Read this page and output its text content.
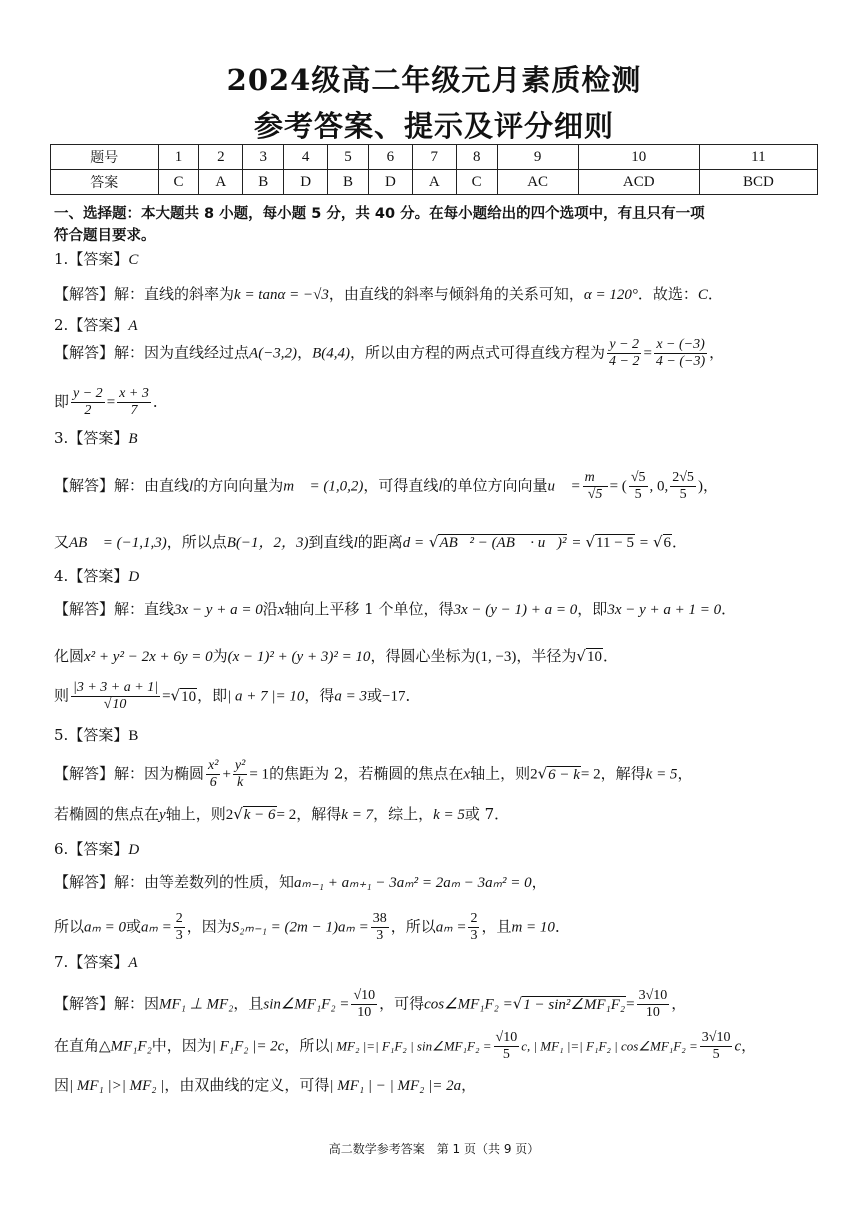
2024级高二年级元月素质检测
参考答案、提示及评分细则
题号	1	2	3	4	5	6	7	8	9	10	11
答案	C	A	B	D	B	D	A	C	AC	ACD	BCD
一、选择题：本大题共 8 小题，每小题 5 分，共 40 分。在每小题给出的四个选项中，有且只有一项
符合题目要求。
1.【答案】C
【解答】解：直线的斜率为k = tanα = −√3，由直线的斜率与倾斜角的关系可知，α = 120°．故选：C．
2.【答案】A
【解答】解：因为直线经过点A(−3,2)，B(4,4)，所以由方程的两点式可得直线方程为 $\frac{y - 2}{4 - 2} = \frac{x - (-3)}{4 - (-3)}$ ，
即 $\frac{y - 2}{2} = \frac{x + 3}{7}$ ．
3.【答案】B
【解答】解：由直线l的方向向量为m⃗ = (1,0,2)，可得直线l的单位方向向量u⃗ = $\frac{m⃗}{√5}$ = ( $\frac{√5}{5}$ , 0, $\frac{2√5}{5}$ )，
又AB⃗ = (−1,1,3)，所以点B(−1，2，3)到直线l的距离d = √AB⃗² − (AB⃗ · u⃗)² = √11 − 5 = √6．
4.【答案】D
【解答】解：直线3x − y + a = 0沿x轴向上平移 1 个单位，得3x − (y − 1) + a = 0，即3x − y + a + 1 = 0．
化圆x² + y² − 2x + 6y = 0为(x − 1)² + (y + 3)² = 10，得圆心坐标为(1, −3)，半径为√10．
则 $\frac{|3 + 3 + a + 1|}{√10} =√10$，即| a + 7 |= 10，得a = 3或−17．
5.【答案】B
【解答】解：因为椭圆 $\frac{\text{x²}}{6} + \frac{\text{y²}}{k} = 1$的焦距为 2，若椭圆的焦点在x轴上，则2√6 − k= 2，解得k = 5，
若椭圆的焦点在y轴上，则2√k − 6= 2，解得k = 7，综上，k = 5或 7．
6.【答案】D
【解答】解：由等差数列的性质，知aₘ₋₁ + aₘ₊₁ − 3aₘ² = 2aₘ − 3aₘ² = 0，
所以aₘ = 0或$a_m = \frac{2}{3}$ ，因为$S_{2m-1} = (2m - 1)a_m = \frac{38}{3}$ ，所以$a_m = \frac{2}{3}$ ，且m = 10．
7.【答案】A
【解答】解：因MF₁ ⊥ MF₂，且sin∠MF₁F₂ = $\frac{√10}{10}$ ，可得cos∠MF₁F₂ =√1 − sin²∠MF₁F₂= $\frac{3√10}{10}$ ，
在直角△MF₁F₂中，因为| F₁F₂ |= 2c，所以| MF₂ |=| F₁F₂ | sin∠MF₁F₂ = $\frac{√10}{5} c$, | MF₁ |=| F₁F₂ | cos∠MF₁F₂ = $\frac{3√10}{5}$ c，
因| MF₁ |>| MF₂ |，由双曲线的定义，可得| MF₁ | − | MF₂ |= 2a，
高二数学参考答案　第 1 页（共 9 页）
